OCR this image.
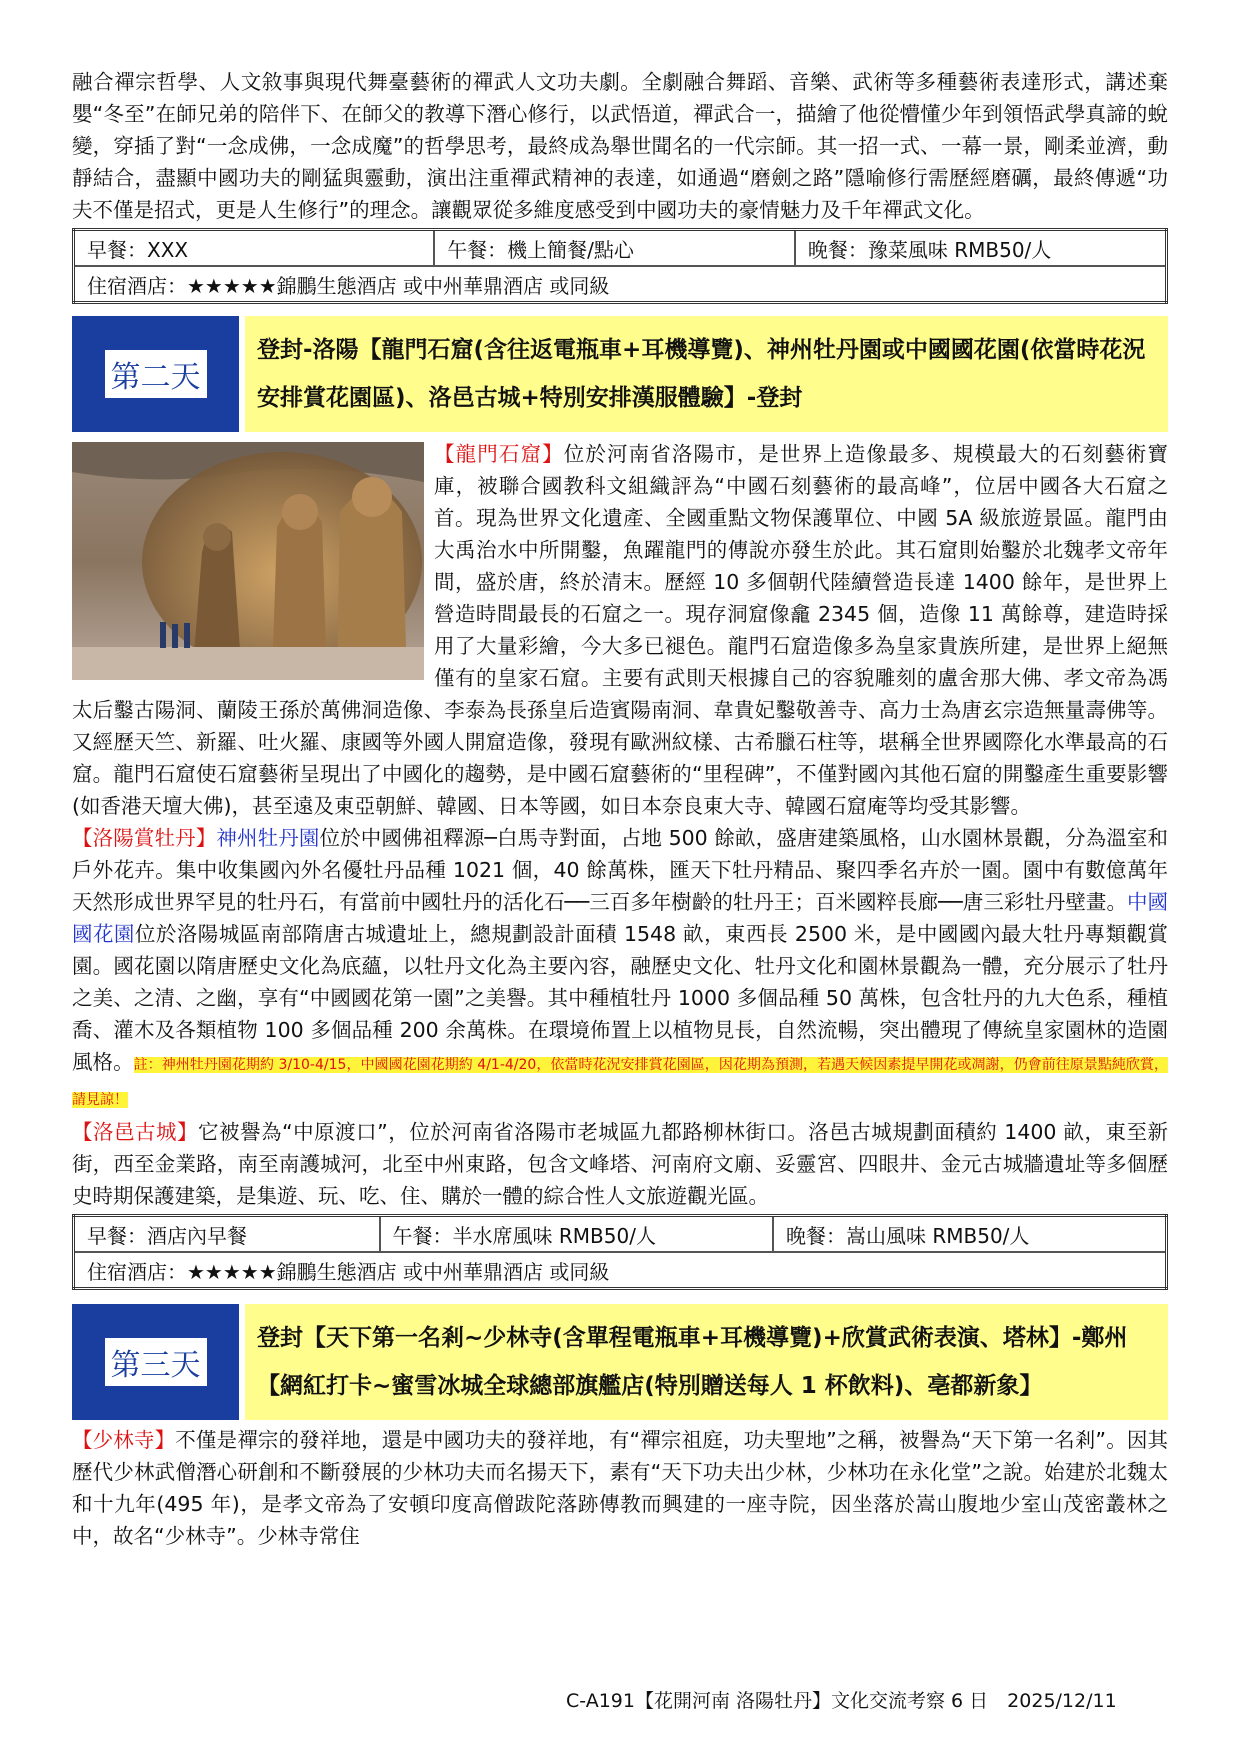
融合禪宗哲學、人文敘事與現代舞臺藝術的禪武人文功夫劇。全劇融合舞蹈、音樂、武術等多種藝術表達形式，講述棄嬰“冬至”在師兄弟的陪伴下、在師父的教導下潛心修行，以武悟道，禪武合一，描繪了他從懵懂少年到領悟武學真諦的蛻變，穿插了對“一念成佛，一念成魔”的哲學思考，最終成為舉世聞名的一代宗師。其一招一式、一幕一景，剛柔並濟，動靜結合，盡顯中國功夫的剛猛與靈動，演出注重禪武精神的表達，如通過“磨劍之路”隱喻修行需歷經磨礪，最終傳遞“功夫不僅是招式，更是人生修行”的理念。讓觀眾從多維度感受到中國功夫的豪情魅力及千年禪武文化。

早餐：XXX	午餐：機上簡餐/點心	晚餐：豫菜風味 RMB50/人
住宿酒店：★★★★★錦鵬生態酒店 或中州華鼎酒店 或同級
第二天
登封-洛陽【龍門石窟(含往返電瓶車+耳機導覽)、神州牡丹園或中國國花園(依當時花況安排賞花園區)、洛邑古城+特別安排漢服體驗】-登封

【龍門石窟】位於河南省洛陽市，是世界上造像最多、規模最大的石刻藝術寶庫，被聯合國教科文組織評為“中國石刻藝術的最高峰”，位居中國各大石窟之首。現為世界文化遺產、全國重點文物保護單位、中國 5A 級旅遊景區。龍門由大禹治水中所開鑿，魚躍龍門的傳說亦發生於此。其石窟則始鑿於北魏孝文帝年間，盛於唐，終於清末。歷經 10 多個朝代陸續營造長達 1400 餘年，是世界上營造時間最長的石窟之一。現存洞窟像龕 2345 個，造像 11 萬餘尊，建造時採用了大量彩繪，今大多已褪色。龍門石窟造像多為皇家貴族所建，是世界上絕無僅有的皇家石窟。主要有武則天根據自己的容貌雕刻的盧舍那大佛、孝文帝為馮太后鑿古陽洞、蘭陵王孫於萬佛洞造像、李泰為長孫皇后造賓陽南洞、韋貴妃鑿敬善寺、高力士為唐玄宗造無量壽佛等。又經歷天竺、新羅、吐火羅、康國等外國人開窟造像，發現有歐洲紋樣、古希臘石柱等，堪稱全世界國際化水準最高的石窟。龍門石窟使石窟藝術呈現出了中國化的趨勢，是中國石窟藝術的“里程碑”，不僅對國內其他石窟的開鑿產生重要影響(如香港天壇大佛)，甚至遠及東亞朝鮮、韓國、日本等國，如日本奈良東大寺、韓國石窟庵等均受其影響。

【洛陽賞牡丹】神州牡丹園位於中國佛祖釋源─白馬寺對面，占地 500 餘畝，盛唐建築風格，山水園林景觀，分為溫室和戶外花卉。集中收集國內外名優牡丹品種 1021 個，40 餘萬株，匯天下牡丹精品、聚四季名卉於一園。園中有數億萬年天然形成世界罕見的牡丹石，有當前中國牡丹的活化石──三百多年樹齡的牡丹王；百米國粹長廊──唐三彩牡丹壁畫。中國國花園位於洛陽城區南部隋唐古城遺址上，總規劃設計面積 1548 畝，東西長 2500 米，是中國國內最大牡丹專類觀賞園。國花園以隋唐歷史文化為底蘊，以牡丹文化為主要內容，融歷史文化、牡丹文化和園林景觀為一體，充分展示了牡丹之美、之清、之幽，享有“中國國花第一園”之美譽。其中種植牡丹 1000 多個品種 50 萬株，包含牡丹的九大色系，種植喬、灌木及各類植物 100 多個品種 200 余萬株。在環境佈置上以植物見長，自然流暢，突出體現了傳統皇家園林的造園風格。註：神州牡丹園花期約 3/10-4/15，中國國花園花期約 4/1-4/20，依當時花況安排賞花園區，因花期為預測，若遇天候因素提早開花或凋謝，仍會前往原景點純欣賞，請見諒！

【洛邑古城】它被譽為“中原渡口”，位於河南省洛陽市老城區九都路柳林街口。洛邑古城規劃面積約 1400 畝，東至新街，西至金業路，南至南護城河，北至中州東路，包含文峰塔、河南府文廟、妥靈宮、四眼井、金元古城牆遺址等多個歷史時期保護建築，是集遊、玩、吃、住、購於一體的綜合性人文旅遊觀光區。

早餐：酒店內早餐	午餐：半水席風味 RMB50/人	晚餐：嵩山風味 RMB50/人
住宿酒店：★★★★★錦鵬生態酒店 或中州華鼎酒店 或同級
第三天
登封【天下第一名剎~少林寺(含單程電瓶車+耳機導覽)+欣賞武術表演、塔林】-鄭州【網紅打卡~蜜雪冰城全球總部旗艦店(特別贈送每人 1 杯飲料)、亳都新象】

【少林寺】不僅是禪宗的發祥地，還是中國功夫的發祥地，有“禪宗祖庭，功夫聖地”之稱，被譽為“天下第一名剎”。因其歷代少林武僧潛心研創和不斷發展的少林功夫而名揚天下，素有“天下功夫出少林，少林功在永化堂”之說。始建於北魏太和十九年(495 年)，是孝文帝為了安頓印度高僧跋陀落跡傳教而興建的一座寺院，因坐落於嵩山腹地少室山茂密叢林之中，故名“少林寺”。少林寺常住

C-A191【花開河南 洛陽牡丹】文化交流考察 6 日　2025/12/11
